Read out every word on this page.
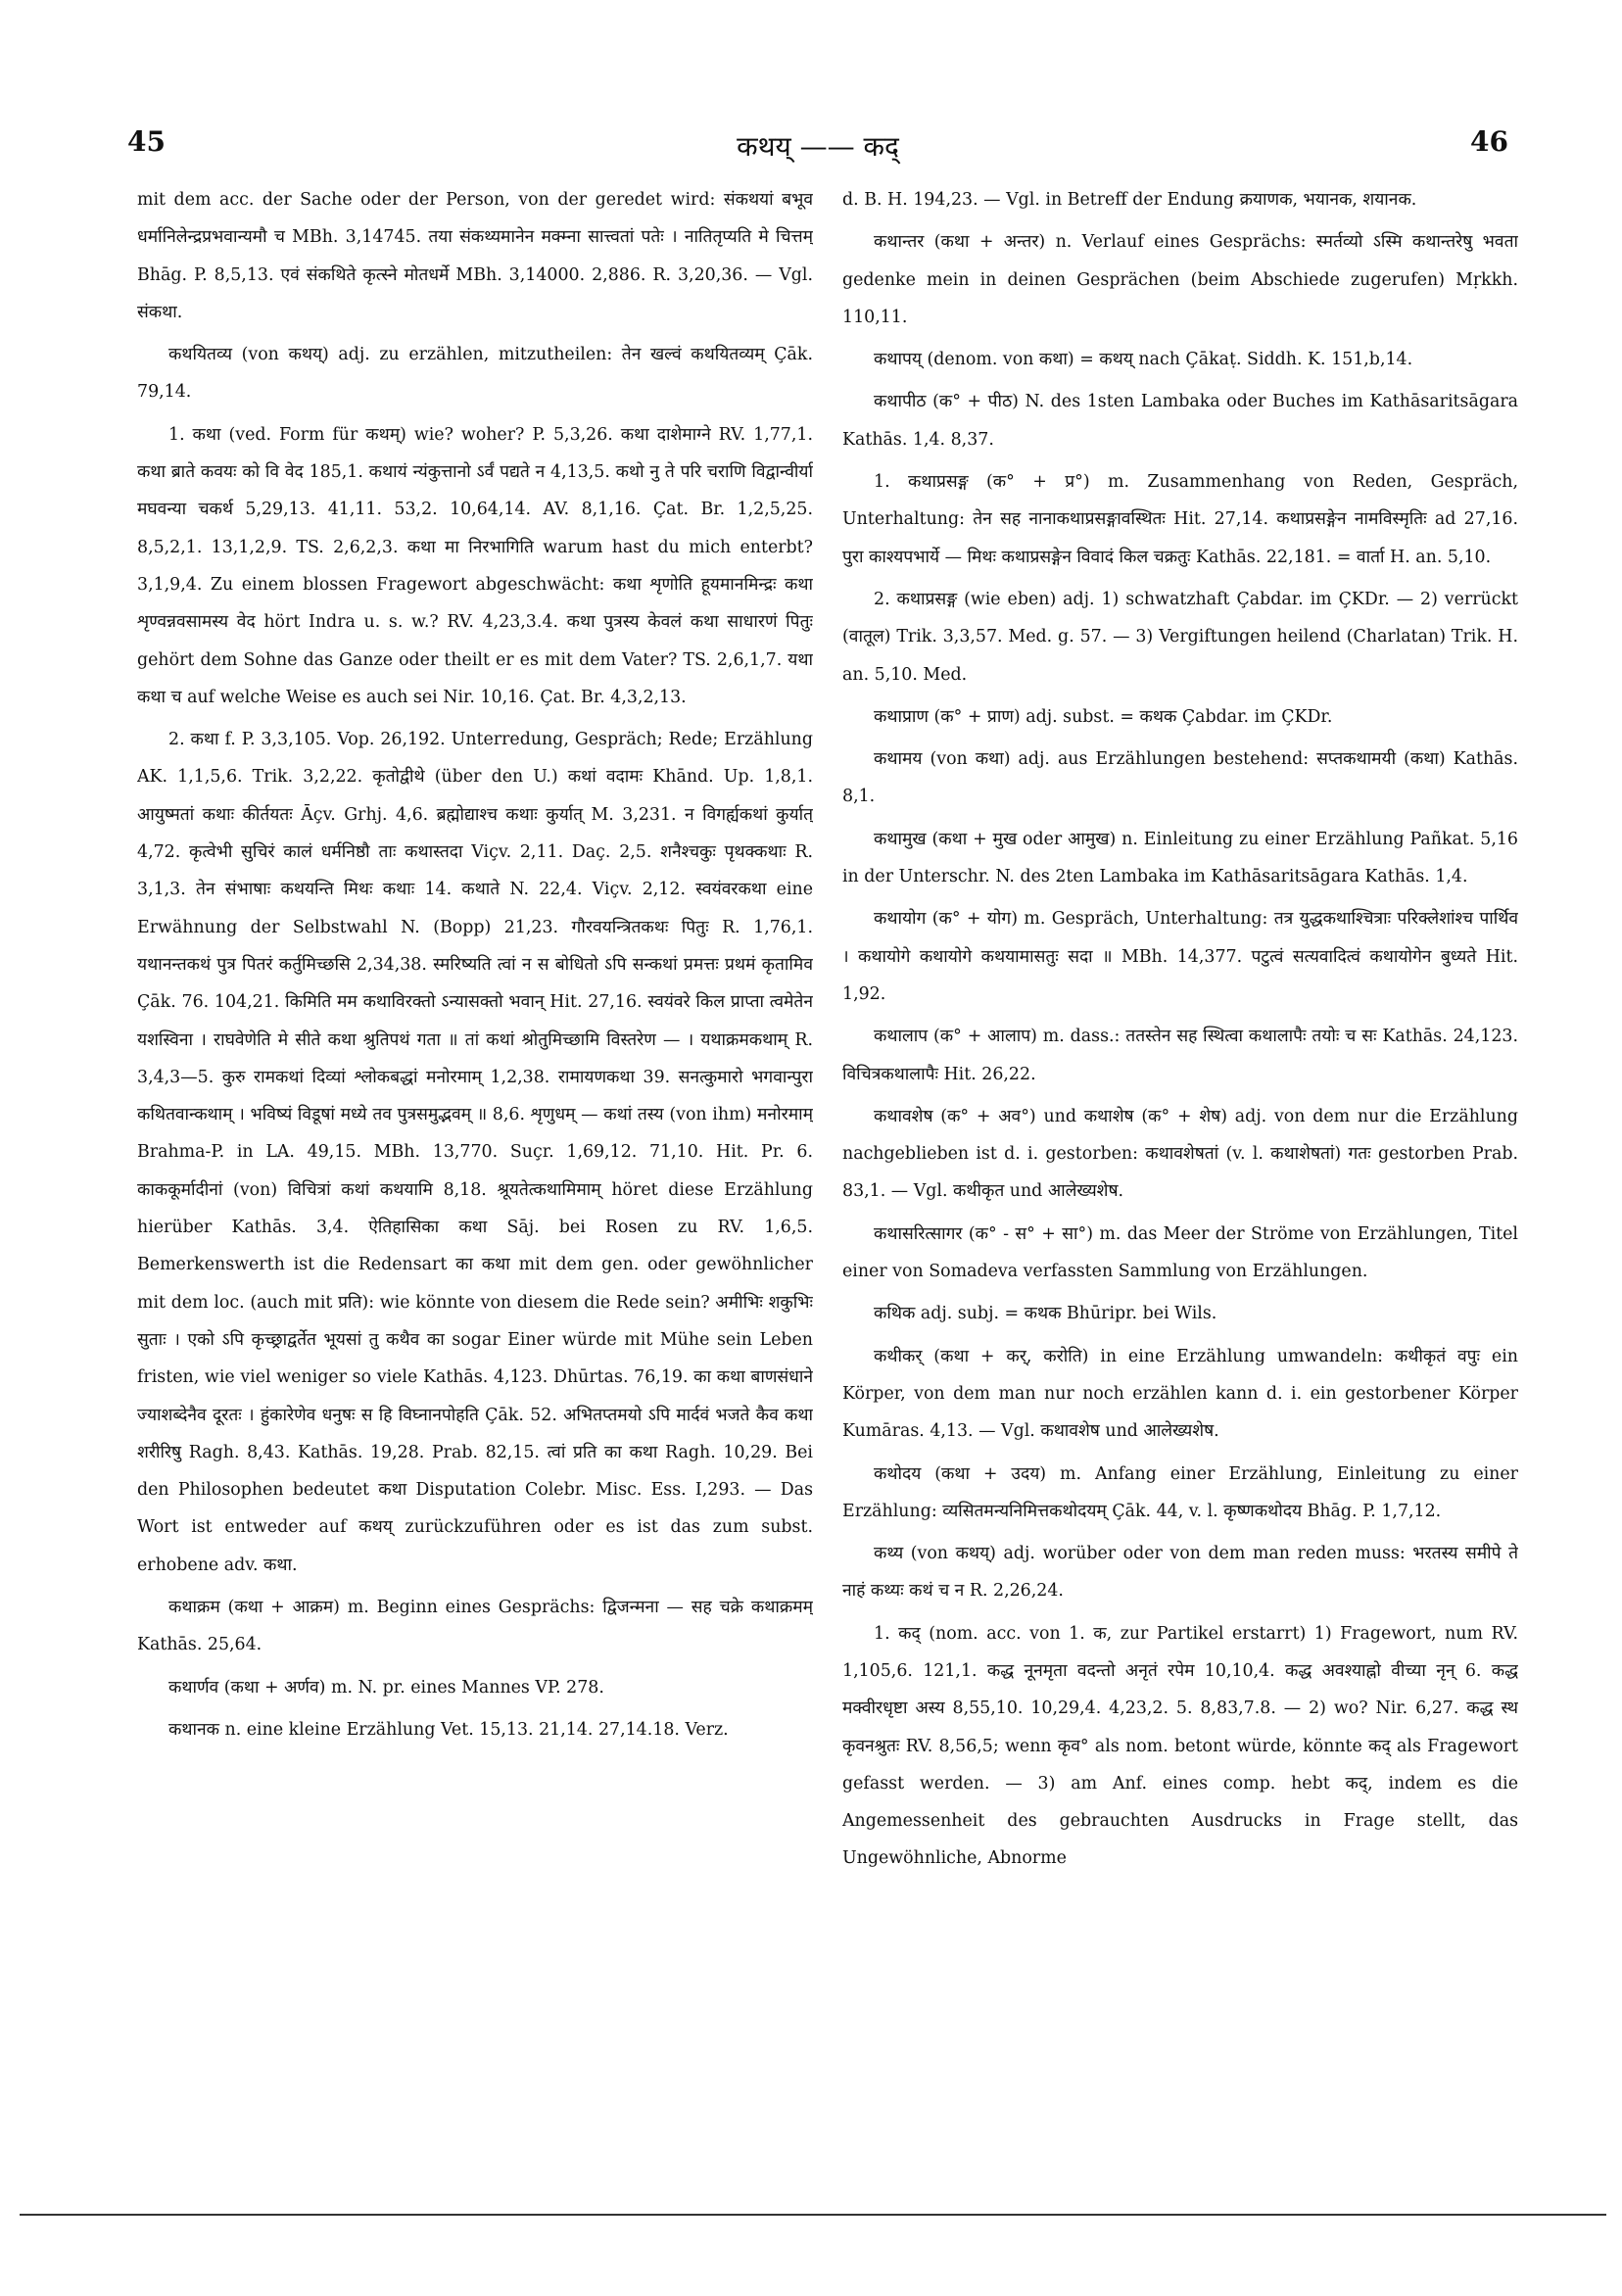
45	कथय् —— कद्	46

mit dem acc. der Sache oder der Person, von der geredet wird: संकथयां बभूव धर्मानिलेन्द्रप्रभवान्यमौ च MBh. 3,14745. तया संकथ्यमानेन मक्म्ना सात्त्वतां पतेः । नातितृप्यति मे चित्तम् Bhāg. P. 8,5,13. एवं संकथिते कृत्स्ने मोतधर्मे MBh. 3,14000. 2,886. R. 3,20,36. — Vgl. संकथा.

कथयितव्य (von कथय्) adj. zu erzählen, mitzutheilen: तेन खल्वं कथयितव्यम् Çāk. 79,14.

1. कथा (ved. Form für कथम्) wie? woher? P. 5,3,26. कथा दाशेमाग्ने RV. 1,77,1. कथा ब्राते कवयः को वि वेद 185,1. कथायं न्यंकुत्तानो ऽर्वं पद्यते न 4,13,5. कथो नु ते परि चराणि विद्वान्वीर्या मघवन्या चकर्थ 5,29,13. 41,11. 53,2. 10,64,14. AV. 8,1,16. Çat. Br. 1,2,5,25. 8,5,2,1. 13,1,2,9. TS. 2,6,2,3. कथा मा निरभागिति warum hast du mich enterbt? 3,1,9,4. Zu einem blossen Fragewort abgeschwächt: कथा शृणोति हूयमानमिन्द्रः कथा शृण्वन्नवसामस्य वेद hört Indra u. s. w.? RV. 4,23,3.4. कथा पुत्रस्य केवलं कथा साधारणं पितुः gehört dem Sohne das Ganze oder theilt er es mit dem Vater? TS. 2,6,1,7. यथा कथा च auf welche Weise es auch sei Nir. 10,16. Çat. Br. 4,3,2,13.

2. कथा f. P. 3,3,105. Vop. 26,192. Unterredung, Gespräch; Rede; Erzählung AK. 1,1,5,6. Trik. 3,2,22. कृतोद्वीथे (über den U.) कथां वदामः Khānd. Up. 1,8,1. आयुष्मतां कथाः कीर्तयतः Āçv. Grhj. 4,6. ब्रह्मोद्याश्च कथाः कुर्यात् M. 3,231. न विगर्ह्यकथां कुर्यात् 4,72. कृत्वेभी सुचिरं कालं धर्मनिष्ठौ ताः कथास्तदा Viçv. 2,11. Daç. 2,5. शनैश्चकुः पृथक्कथाः R. 3,1,3. तेन संभाषाः कथयन्ति मिथः कथाः 14. कथाते N. 22,4. Viçv. 2,12. स्वयंवरकथा eine Erwähnung der Selbstwahl N. (Bopp) 21,23. गौरवयन्त्रितकथः पितुः R. 1,76,1. यथानन्तकथं पुत्र पितरं कर्तुमिच्छसि 2,34,38. स्मरिष्यति त्वां न स बोधितो ऽपि सन्कथां प्रमत्तः प्रथमं कृतामिव Çāk. 76. 104,21. किमिति मम कथाविरक्तो ऽन्यासक्तो भवान् Hit. 27,16. स्वयंवरे किल प्राप्ता त्वमेतेन यशस्विना । राघवेणेति मे सीते कथा श्रुतिपथं गता ॥ तां कथां श्रोतुमिच्छामि विस्तरेण — । यथाक्रमकथाम् R. 3,4,3—5. कुरु रामकथां दिव्यां श्लोकबद्धां मनोरमाम् 1,2,38. रामायणकथा 39. सनत्कुमारो भगवान्पुरा कथितवान्कथाम् । भविष्यं विडूषां मध्ये तव पुत्रसमुद्भवम् ॥ 8,6. शृणुधम् — कथां तस्य (von ihm) मनोरमाम् Brahma-P. in LA. 49,15. MBh. 13,770. Suçr. 1,69,12. 71,10. Hit. Pr. 6. काककूर्मादीनां (von) विचित्रां कथां कथयामि 8,18. श्रूयतेत्कथामिमाम् höret diese Erzählung hierüber Kathās. 3,4. ऐतिहासिका कथा Sāj. bei Rosen zu RV. 1,6,5. Bemerkenswerth ist die Redensart का कथा mit dem gen. oder gewöhnlicher mit dem loc. (auch mit प्रति): wie könnte von diesem die Rede sein? अमीभिः शकुभिः सुताः । एको ऽपि कृच्छ्राद्वर्तेत भूयसां तु कथैव का sogar Einer würde mit Mühe sein Leben fristen, wie viel weniger so viele Kathās. 4,123. Dhūrtas. 76,19. का कथा बाणसंधाने ज्याशब्देनैव दूरतः । हुंकारेणेव धनुषः स हि विघ्नानपोहति Çāk. 52. अभितप्तमयो ऽपि मार्दवं भजते कैव कथा शरीरिषु Ragh. 8,43. Kathās. 19,28. Prab. 82,15. त्वां प्रति का कथा Ragh. 10,29. Bei den Philosophen bedeutet कथा Disputation Colebr. Misc. Ess. I,293. — Das Wort ist entweder auf कथय् zurückzuführen oder es ist das zum subst. erhobene adv. कथा.

कथाक्रम (कथा + आक्रम) m. Beginn eines Gesprächs: द्विजन्मना — सह चक्रे कथाक्रमम् Kathās. 25,64.

कथार्णव (कथा + अर्णव) m. N. pr. eines Mannes VP. 278.

कथानक n. eine kleine Erzählung Vet. 15,13. 21,14. 27,14.18. Verz.

d. B. H. 194,23. — Vgl. in Betreff der Endung क्रयाणक, भयानक, शयानक.

कथान्तर (कथा + अन्तर) n. Verlauf eines Gesprächs: स्मर्तव्यो ऽस्मि कथान्तरेषु भवता gedenke mein in deinen Gesprächen (beim Abschiede zugerufen) Mṛkkh. 110,11.

कथापय् (denom. von कथा) = कथय् nach Çākaṭ. Siddh. K. 151,b,14.

कथापीठ (क° + पीठ) N. des 1sten Lambaka oder Buches im Kathāsaritsāgara Kathās. 1,4. 8,37.

1. कथाप्रसङ्ग (क° + प्र°) m. Zusammenhang von Reden, Gespräch, Unterhaltung: तेन सह नानाकथाप्रसङ्गावस्थितः Hit. 27,14. कथाप्रसङ्गेन नामविस्मृतिः ad 27,16. पुरा काश्यपभार्ये — मिथः कथाप्रसङ्गेन विवादं किल चक्रतुः Kathās. 22,181. = वार्ता H. an. 5,10.

2. कथाप्रसङ्ग (wie eben) adj. 1) schwatzhaft Çabdar. im ÇKDr. — 2) verrückt (वातूल) Trik. 3,3,57. Med. g. 57. — 3) Vergiftungen heilend (Charlatan) Trik. H. an. 5,10. Med.

कथाप्राण (क° + प्राण) adj. subst. = कथक Çabdar. im ÇKDr.

कथामय (von कथा) adj. aus Erzählungen bestehend: सप्तकथामयी (कथा) Kathās. 8,1.

कथामुख (कथा + मुख oder आमुख) n. Einleitung zu einer Erzählung Pañkat. 5,16 in der Unterschr. N. des 2ten Lambaka im Kathāsaritsāgara Kathās. 1,4.

कथायोग (क° + योग) m. Gespräch, Unterhaltung: तत्र युद्धकथाश्चित्राः परिक्लेशांश्च पार्थिव । कथायोगे कथायोगे कथयामासतुः सदा ॥ MBh. 14,377. पटुत्वं सत्यवादित्वं कथायोगेन बुध्यते Hit. 1,92.

कथालाप (क° + आलाप) m. dass.: ततस्तेन सह स्थित्वा कथालापैः तयोः च सः Kathās. 24,123. विचित्रकथालापैः Hit. 26,22.

कथावशेष (क° + अव°) und कथाशेष (क° + शेष) adj. von dem nur die Erzählung nachgeblieben ist d. i. gestorben: कथावशेषतां (v. l. कथाशेषतां) गतः gestorben Prab. 83,1. — Vgl. कथीकृत und आलेख्यशेष.

कथासरित्सागर (क° - स° + सा°) m. das Meer der Ströme von Erzählungen, Titel einer von Somadeva verfassten Sammlung von Erzählungen.

कथिक adj. subj. = कथक Bhūripr. bei Wils.

कथीकर् (कथा + कर्, करोति) in eine Erzählung umwandeln: कथीकृतं वपुः ein Körper, von dem man nur noch erzählen kann d. i. ein gestorbener Körper Kumāras. 4,13. — Vgl. कथावशेष und आलेख्यशेष.

कथोदय (कथा + उदय) m. Anfang einer Erzählung, Einleitung zu einer Erzählung: व्यसितमन्यनिमित्तकथोदयम् Çāk. 44, v. l. कृष्णकथोदय Bhāg. P. 1,7,12.

कथ्य (von कथय्) adj. worüber oder von dem man reden muss: भरतस्य समीपे ते नाहं कथ्यः कथं च न R. 2,26,24.

1. कद् (nom. acc. von 1. क, zur Partikel erstarrt) 1) Fragewort, num RV. 1,105,6. 121,1. कद्ध नूनमृता वदन्तो अनृतं रपेम 10,10,4. कद्ध अवश्याह्नो वीच्या नृन् 6. कद्ध मक्वीरधृष्टा अस्य 8,55,10. 10,29,4. 4,23,2. 5. 8,83,7.8. — 2) wo? Nir. 6,27. कद्ध स्थ कृवनश्रुतः RV. 8,56,5; wenn कृव° als nom. betont würde, könnte कद् als Fragewort gefasst werden. — 3) am Anf. eines comp. hebt कद्, indem es die Angemessenheit des gebrauchten Ausdrucks in Frage stellt, das Ungewöhnliche, Abnorme
